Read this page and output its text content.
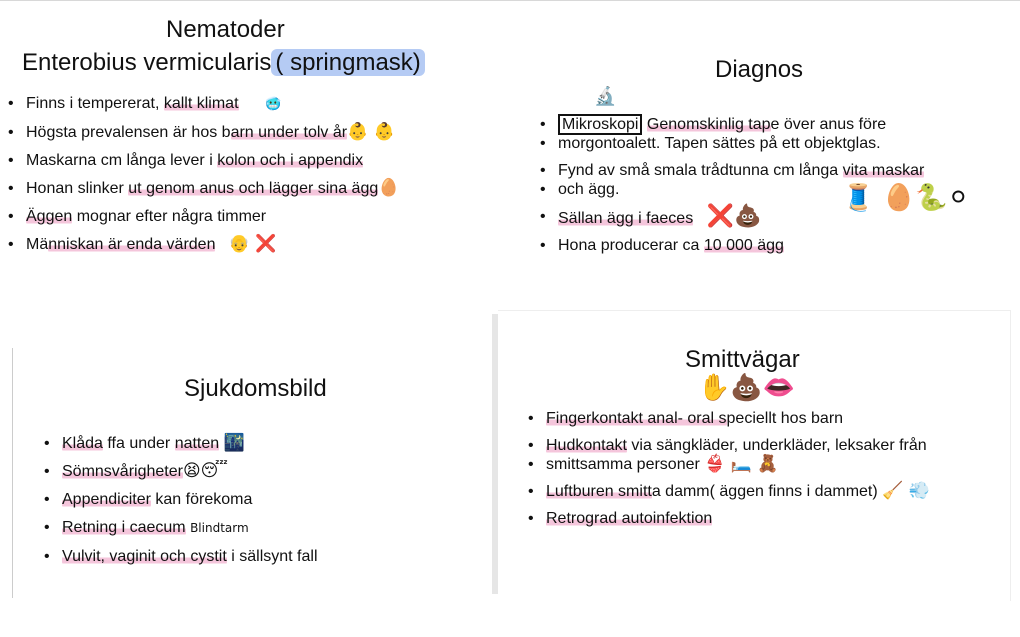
Nematoder
Enterobius vermicularis ( springmask)
• Finns i tempererat, kallt klimat 🥶
• Högsta prevalensen är hos barn under tolv år👶 👶
• Maskarna cm långa lever i kolon och i appendix
• Honan slinker ut genom anus och lägger sina ägg🥚
• Äggen mognar efter några timmer
• Människan är enda värden 👴 ❌
Diagnos
🔬
• Mikroskopi Genomskinlig tape över anus före
• morgontoalett. Tapen sättes på ett objektglas.
• Fynd av små smala trådtunna cm långa vita maskar
• och ägg.
• Sällan ägg i faeces ❌💩
• Hona producerar ca 10 000 ägg
🧵 🥚🐍⚪
Sjukdomsbild
• Klåda ffa under natten 🌃
• Sömnsvårigheter😫😴
• Appendiciter kan förekoma
• Retning i caecum Blindtarm
• Vulvit, vaginit och cystit i sällsynt fall
Smittvägar
✋💩👄
• Fingerkontakt anal- oral speciellt hos barn
• Hudkontakt via sängkläder, underkläder, leksaker från
• smittsamma personer 👙 🛏️ 🧸
• Luftburen smitta damm( äggen finns i dammet) 🧹 💨
• Retrograd autoinfektion
